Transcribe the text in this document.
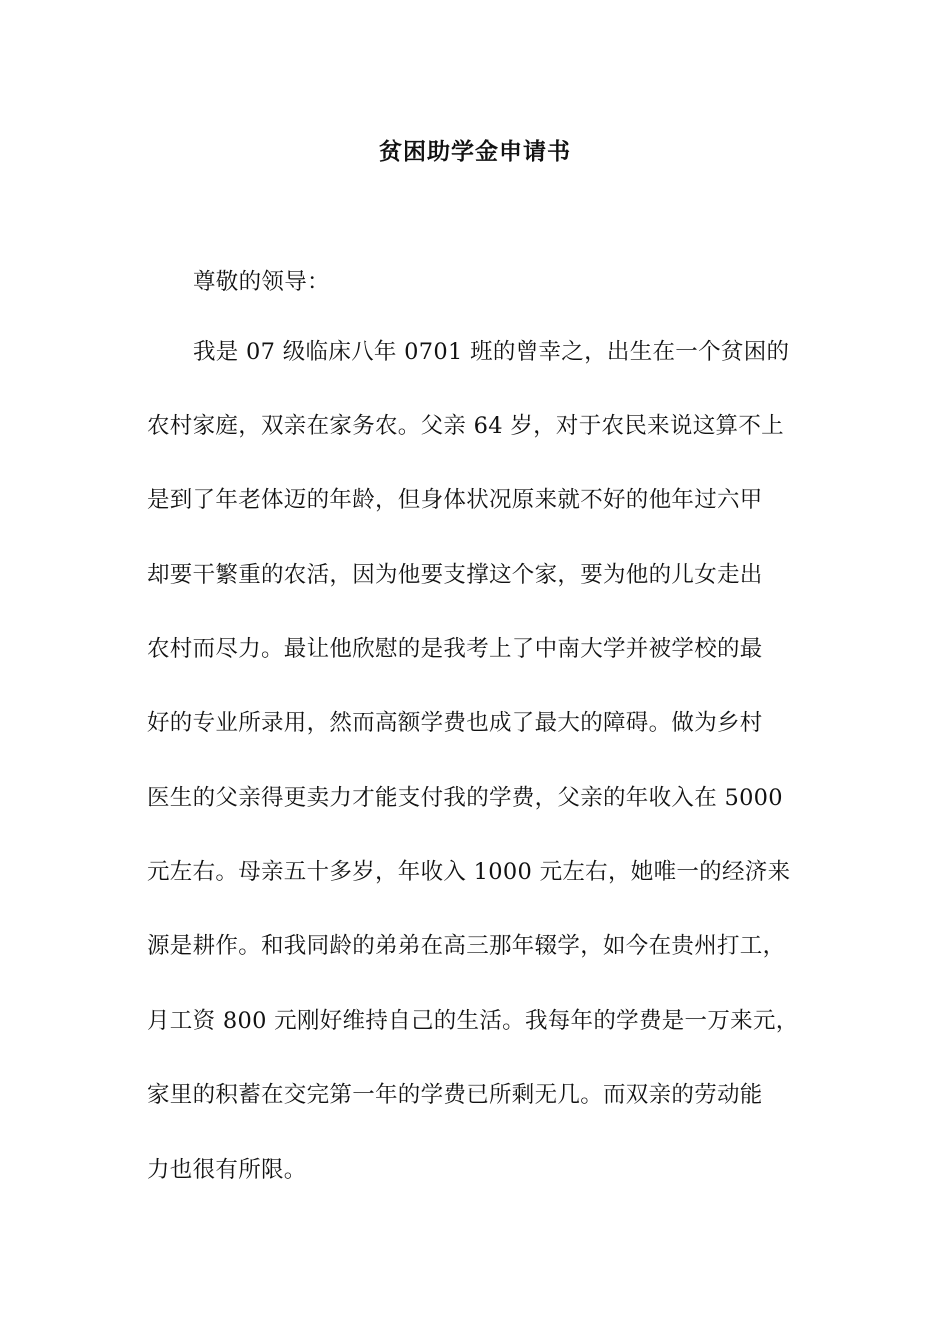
贫困助学金申请书
尊敬的领导：
我是 07 级临床八年 0701 班的曾幸之，出生在一个贫困的
农村家庭，双亲在家务农。父亲 64 岁，对于农民来说这算不上
是到了年老体迈的年龄，但身体状况原来就不好的他年过六甲
却要干繁重的农活，因为他要支撑这个家，要为他的儿女走出
农村而尽力。最让他欣慰的是我考上了中南大学并被学校的最
好的专业所录用，然而高额学费也成了最大的障碍。做为乡村
医生的父亲得更卖力才能支付我的学费，父亲的年收入在 5000
元左右。母亲五十多岁，年收入 1000 元左右，她唯一的经济来
源是耕作。和我同龄的弟弟在高三那年辍学，如今在贵州打工，
月工资 800 元刚好维持自己的生活。我每年的学费是一万来元，
家里的积蓄在交完第一年的学费已所剩无几。而双亲的劳动能
力也很有所限。
